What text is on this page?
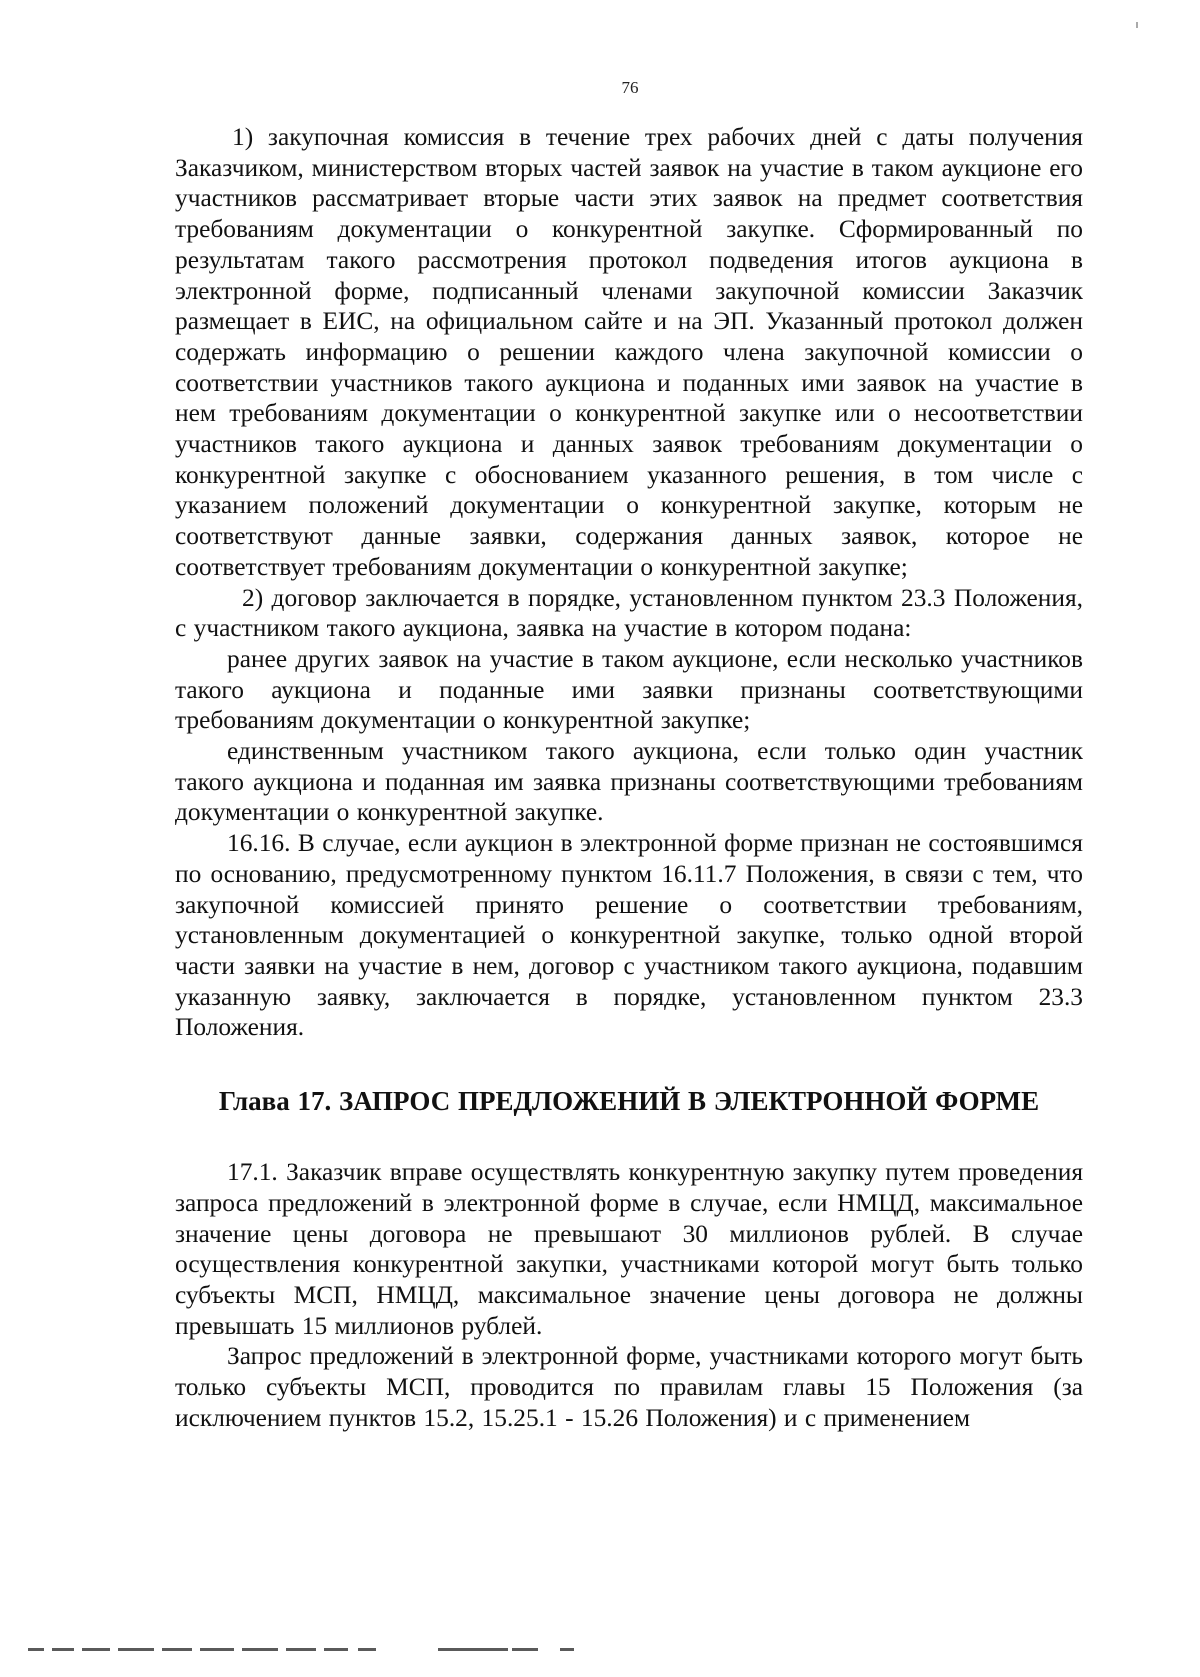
76

1) закупочная комиссия в течение трех рабочих дней с даты получения Заказчиком, министерством вторых частей заявок на участие в таком аукционе его участников рассматривает вторые части этих заявок на предмет соответствия требованиям документации о конкурентной закупке. Сформированный по результатам такого рассмотрения протокол подведения итогов аукциона в электронной форме, подписанный членами закупочной комиссии Заказчик размещает в ЕИС, на официальном сайте и на ЭП. Указанный протокол должен содержать информацию о решении каждого члена закупочной комиссии о соответствии участников такого аукциона и поданных ими заявок на участие в нем требованиям документации о конкурентной закупке или о несоответствии участников такого аукциона и данных заявок требованиям документации о конкурентной закупке с обоснованием указанного решения, в том числе с указанием положений документации о конкурентной закупке, которым не соответствуют данные заявки, содержания данных заявок, которое не соответствует требованиям документации о конкурентной закупке;

2) договор заключается в порядке, установленном пунктом 23.3 Положения, с участником такого аукциона, заявка на участие в котором подана:

ранее других заявок на участие в таком аукционе, если несколько участников такого аукциона и поданные ими заявки признаны соответствующими требованиям документации о конкурентной закупке;

единственным участником такого аукциона, если только один участник такого аукциона и поданная им заявка признаны соответствующими требованиям документации о конкурентной закупке.

16.16. В случае, если аукцион в электронной форме признан не состоявшимся по основанию, предусмотренному пунктом 16.11.7 Положения, в связи с тем, что закупочной комиссией принято решение о соответствии требованиям, установленным документацией о конкурентной закупке, только одной второй части заявки на участие в нем, договор с участником такого аукциона, подавшим указанную заявку, заключается в порядке, установленном пунктом 23.3 Положения.

Глава 17. ЗАПРОС ПРЕДЛОЖЕНИЙ В ЭЛЕКТРОННОЙ ФОРМЕ

17.1. Заказчик вправе осуществлять конкурентную закупку путем проведения запроса предложений в электронной форме в случае, если НМЦД, максимальное значение цены договора не превышают 30 миллионов рублей. В случае осуществления конкурентной закупки, участниками которой могут быть только субъекты МСП, НМЦД, максимальное значение цены договора не должны превышать 15 миллионов рублей.

Запрос предложений в электронной форме, участниками которого могут быть только субъекты МСП, проводится по правилам главы 15 Положения (за исключением пунктов 15.2, 15.25.1 - 15.26 Положения) и с применением
